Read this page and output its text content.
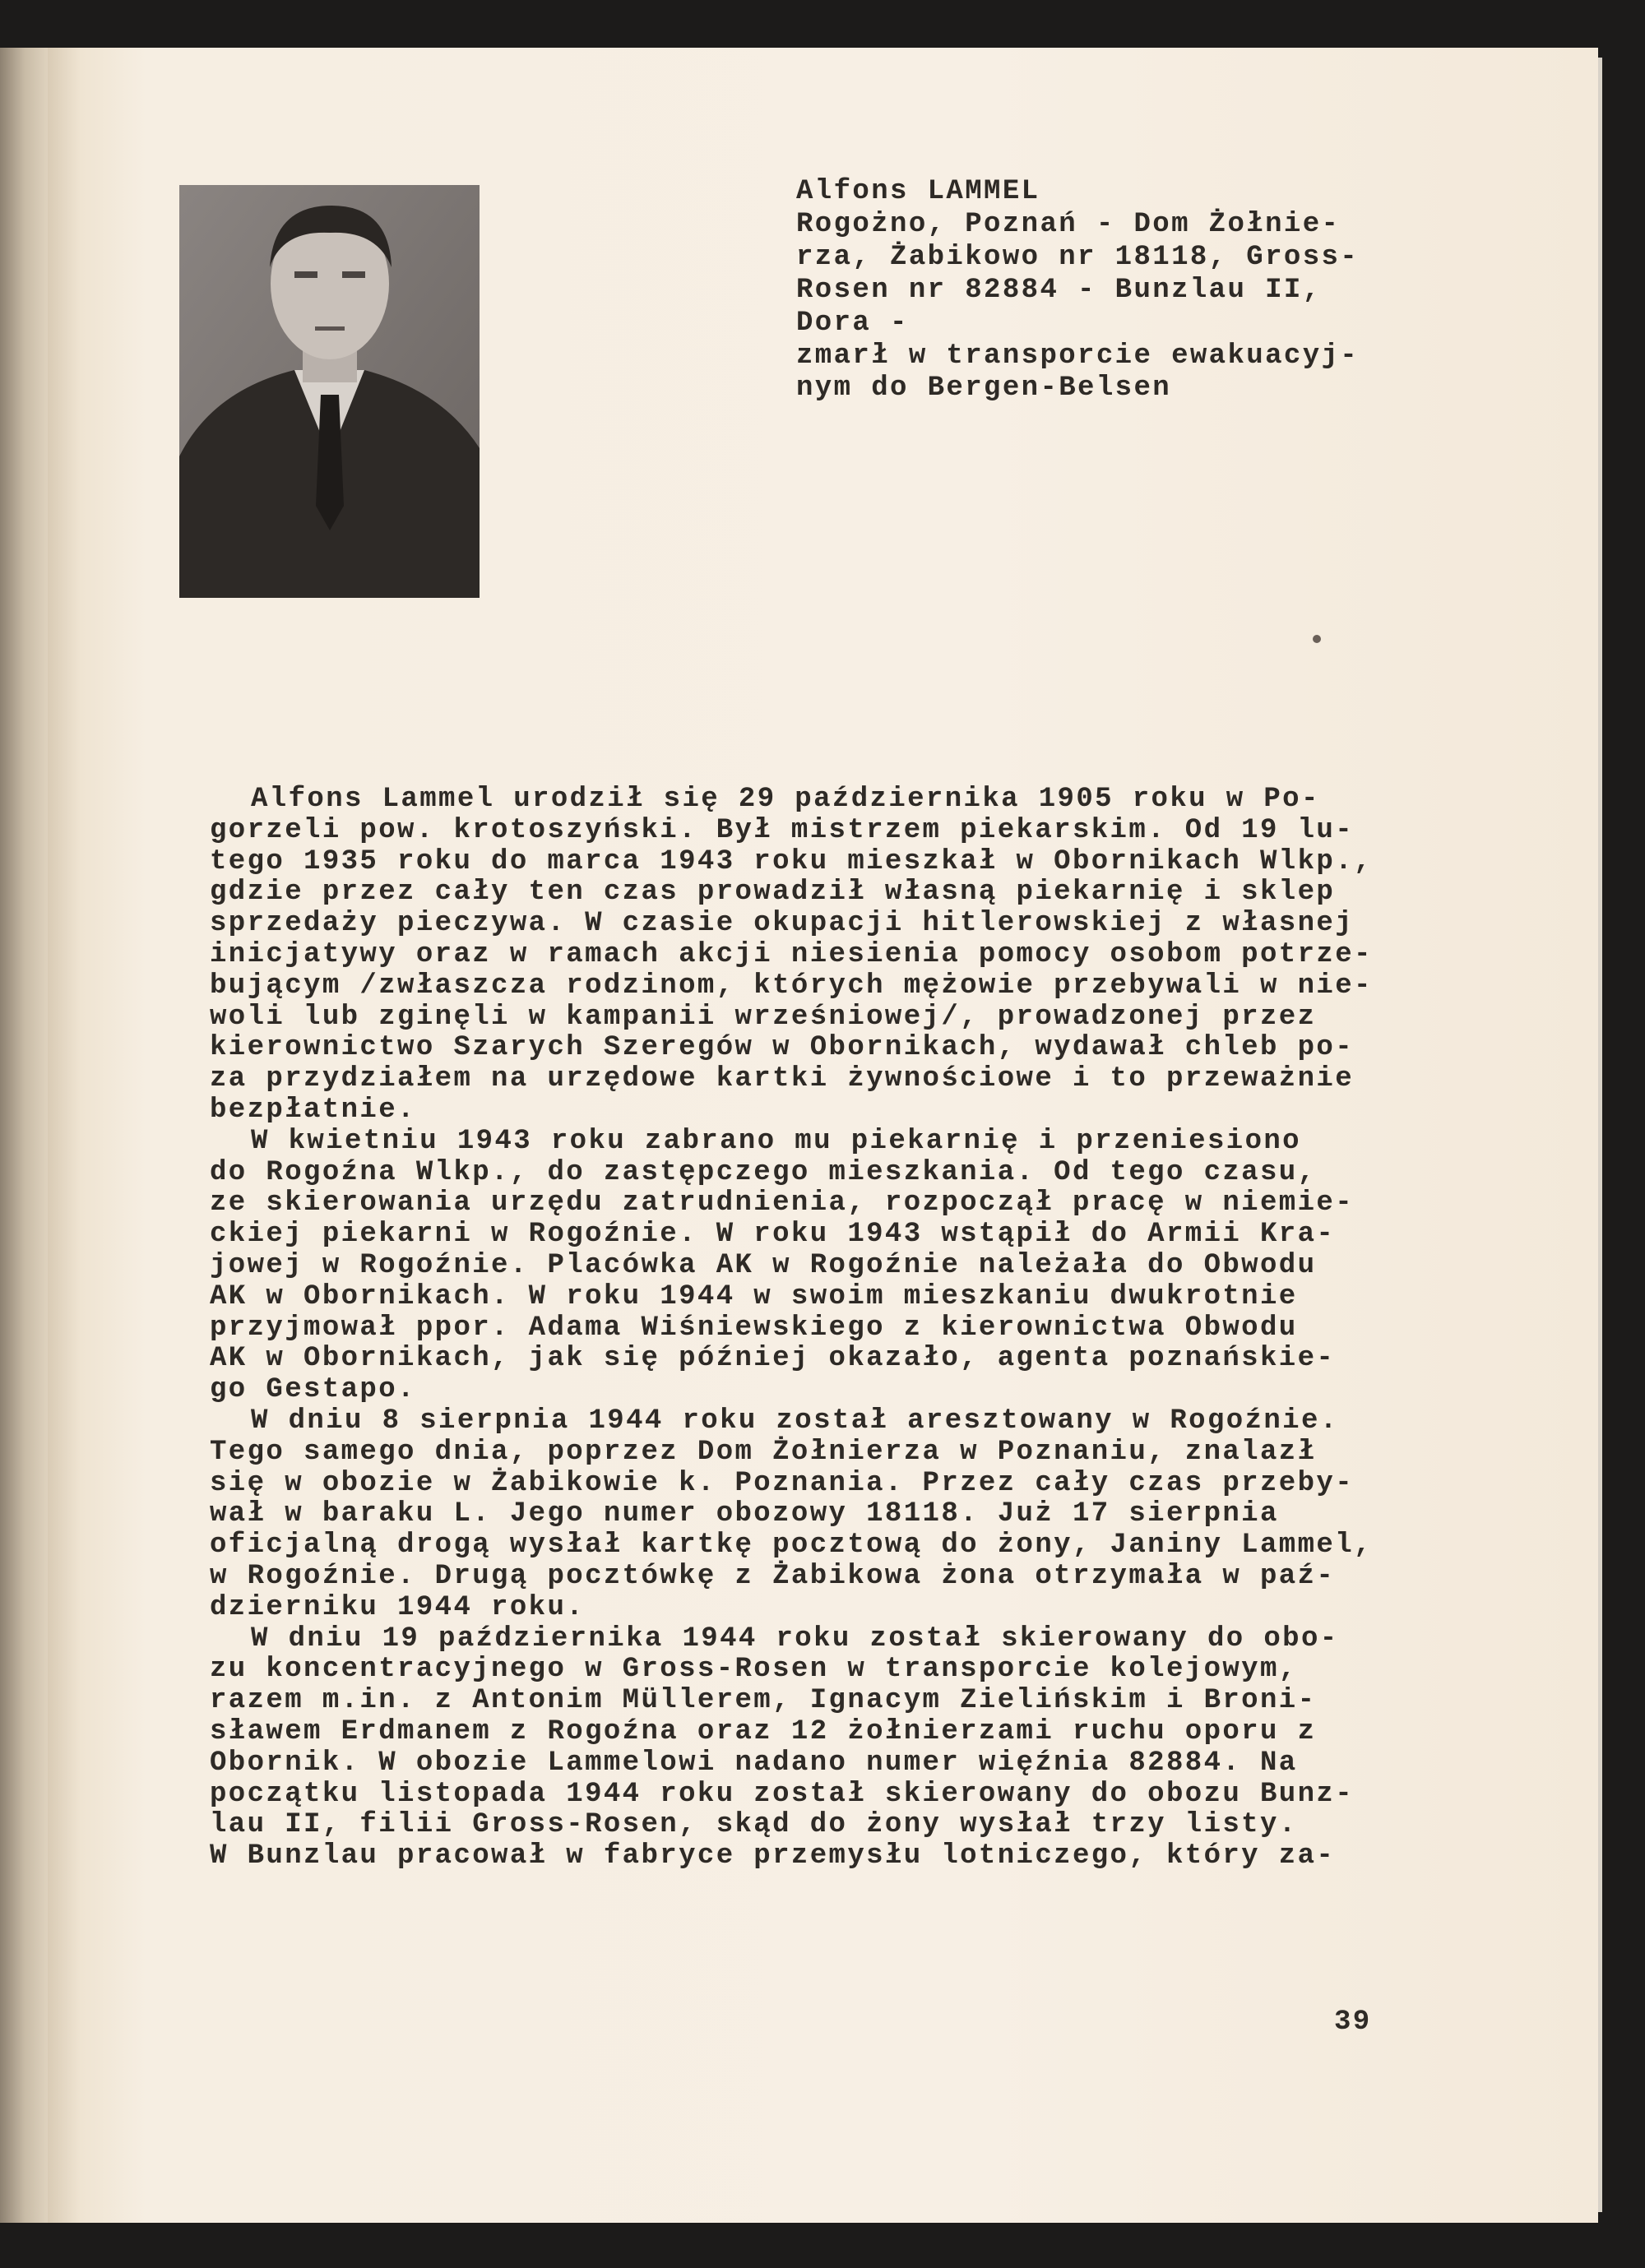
Alfons LAMMEL
Rogożno, Poznań - Dom Żołnie-
rza, Żabikowo nr 18118, Gross-
Rosen nr 82884 - Bunzlau II,
Dora -
zmarł w transporcie ewakuacyj-
nym do Bergen-Belsen
Alfons Lammel urodził się 29 października 1905 roku w Po-
gorzeli pow. krotoszyński. Był mistrzem piekarskim. Od 19 lu-
tego 1935 roku do marca 1943 roku mieszkał w Obornikach Wlkp.,
gdzie przez cały ten czas prowadził własną piekarnię i sklep
sprzedaży pieczywa. W czasie okupacji hitlerowskiej z własnej
inicjatywy oraz w ramach akcji niesienia pomocy osobom potrze-
bującym /zwłaszcza rodzinom, których mężowie przebywali w nie-
woli lub zginęli w kampanii wrześniowej/, prowadzonej przez
kierownictwo Szarych Szeregów w Obornikach, wydawał chleb po-
za przydziałem na urzędowe kartki żywnościowe i to przeważnie
bezpłatnie.
W kwietniu 1943 roku zabrano mu piekarnię i przeniesiono
do Rogoźna Wlkp., do zastępczego mieszkania. Od tego czasu,
ze skierowania urzędu zatrudnienia, rozpoczął pracę w niemie-
ckiej piekarni w Rogoźnie. W roku 1943 wstąpił do Armii Kra-
jowej w Rogoźnie. Placówka AK w Rogoźnie należała do Obwodu
AK w Obornikach. W roku 1944 w swoim mieszkaniu dwukrotnie
przyjmował ppor. Adama Wiśniewskiego z kierownictwa Obwodu
AK w Obornikach, jak się później okazało, agenta poznańskie-
go Gestapo.
W dniu 8 sierpnia 1944 roku został aresztowany w Rogoźnie.
Tego samego dnia, poprzez Dom Żołnierza w Poznaniu, znalazł
się w obozie w Żabikowie k. Poznania. Przez cały czas przeby-
wał w baraku L. Jego numer obozowy 18118. Już 17 sierpnia
oficjalną drogą wysłał kartkę pocztową do żony, Janiny Lammel,
w Rogoźnie. Drugą pocztówkę z Żabikowa żona otrzymała w paź-
dzierniku 1944 roku.
W dniu 19 października 1944 roku został skierowany do obo-
zu koncentracyjnego w Gross-Rosen w transporcie kolejowym,
razem m.in. z Antonim Müllerem, Ignacym Zielińskim i Broni-
sławem Erdmanem z Rogoźna oraz 12 żołnierzami ruchu oporu z
Obornik. W obozie Lammelowi nadano numer więźnia 82884. Na
początku listopada 1944 roku został skierowany do obozu Bunz-
lau II, filii Gross-Rosen, skąd do żony wysłał trzy listy.
W Bunzlau pracował w fabryce przemysłu lotniczego, który za-
39
